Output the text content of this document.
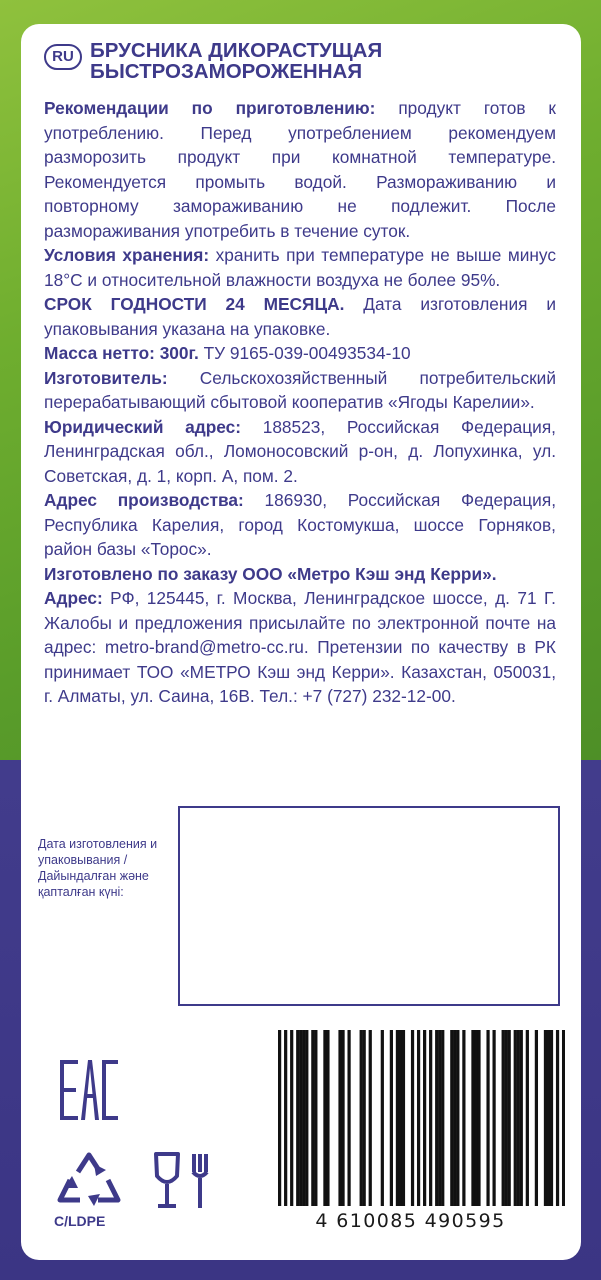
RU БРУСНИКА ДИКОРАСТУЩАЯ
БЫСТРОЗАМОРОЖЕННАЯ

Рекомендации по приготовлению: продукт готов к употреблению. Перед употреблением рекомендуем разморозить продукт при комнатной температуре. Рекомендуется промыть водой. Размораживанию и повторному замораживанию не подлежит. После размораживания употребить в течение суток.

Условия хранения: хранить при температуре не выше минус 18°С и относительной влажности воздуха не более 95%.

СРОК ГОДНОСТИ 24 МЕСЯЦА. Дата изготовления и упаковывания указана на упаковке.

Масса нетто: 300г. ТУ 9165-039-00493534-10

Изготовитель: Сельскохозяйственный потребительский перерабатывающий сбытовой кооператив «Ягоды Карелии».

Юридический адрес: 188523, Российская Федерация, Ленинградская обл., Ломоносовский р-он, д. Лопухинка, ул. Советская, д. 1, корп. А, пом. 2.

Адрес производства: 186930, Российская Федерация, Республика Карелия, город Костомукша, шоссе Горняков, район базы «Торос».

Изготовлено по заказу ООО «Метро Кэш энд Керри».

Адрес: РФ, 125445, г. Москва, Ленинградское шоссе, д. 71 Г. Жалобы и предложения присылайте по электронной почте на адрес: metro-brand@metro-cc.ru. Претензии по качеству в РК принимает ТОО «МЕТРО Кэш энд Керри». Казахстан, 050031, г. Алматы, ул. Саина, 16В. Тел.: +7 (727) 232-12-00.

Дата изготовления и упаковывания / Дайындалған және қапталған күні:
C/LDPE	4 610085 490595
